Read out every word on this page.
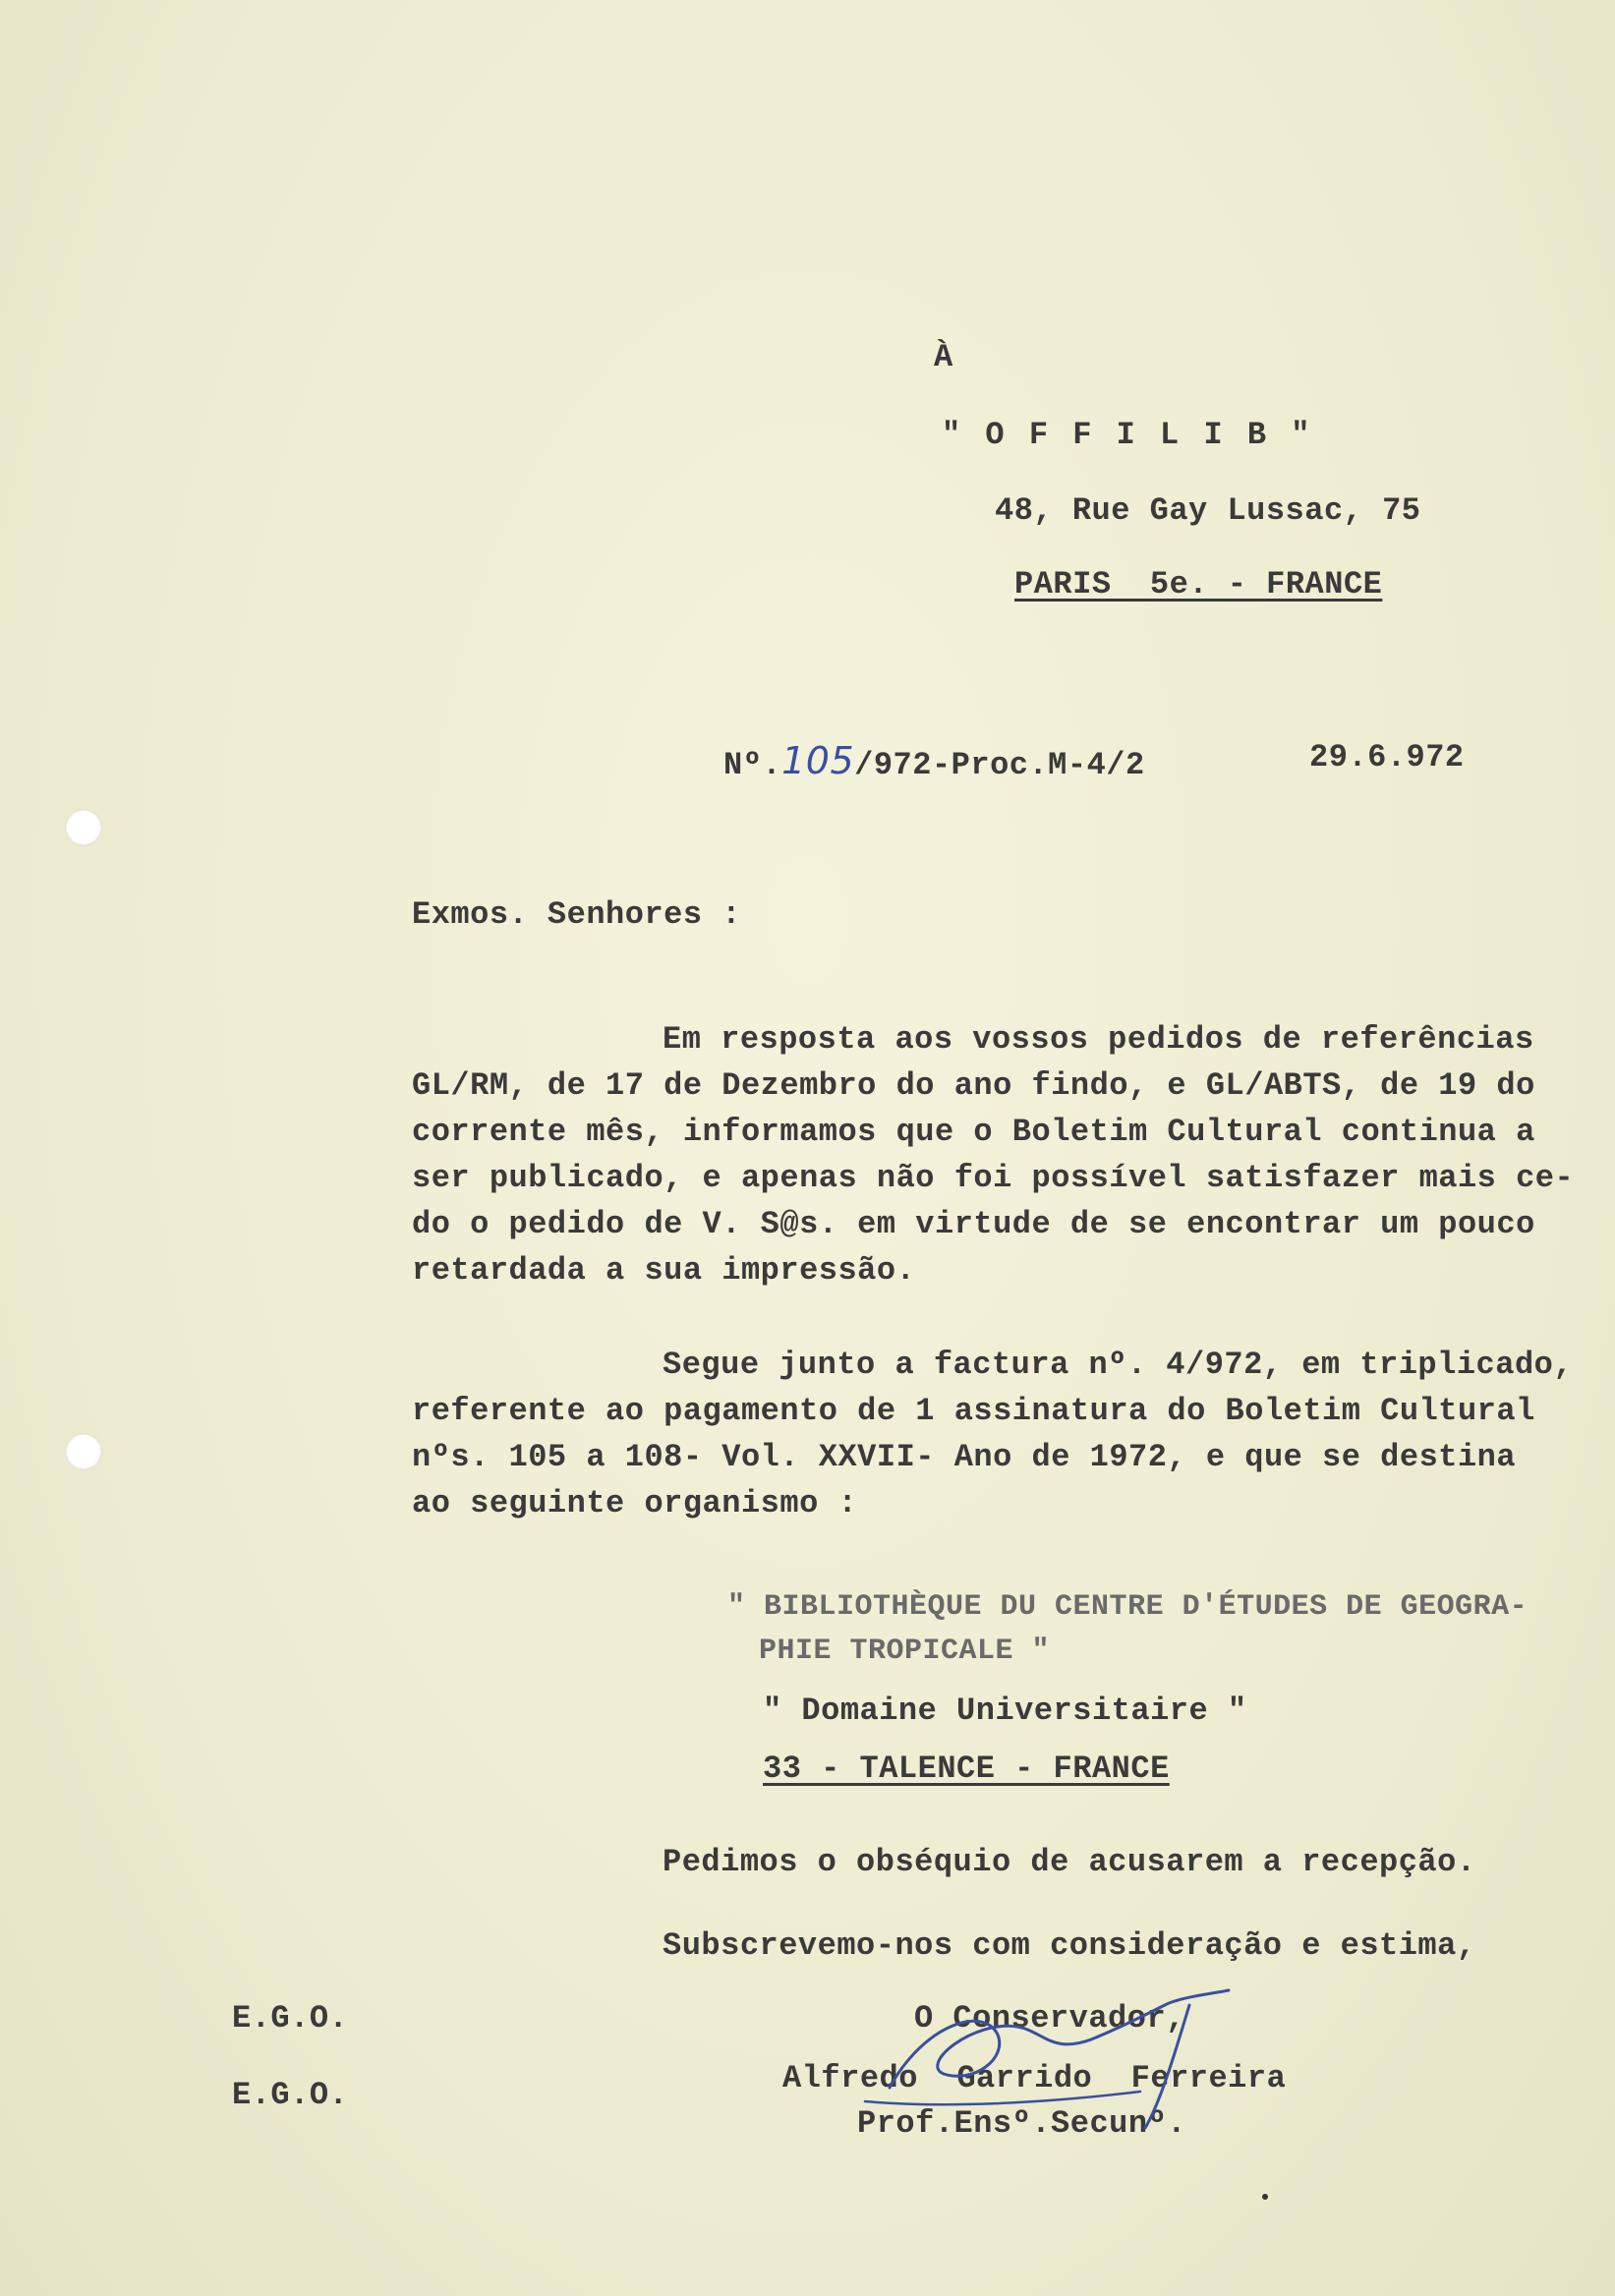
À
" O F F I L I B "
48, Rue Gay Lussac, 75
PARIS  5e. - FRANCE
Nº.105/972-Proc.M-4/2	29.6.972
Exmos. Senhores :
Em resposta aos vossos pedidos de referências
GL/RM, de 17 de Dezembro do ano findo, e GL/ABTS, de 19 do
corrente mês, informamos que o Boletim Cultural continua a
ser publicado, e apenas não foi possível satisfazer mais ce-
do o pedido de V. S@s. em virtude de se encontrar um pouco
retardada a sua impressão.
Segue junto a factura nº. 4/972, em triplicado,
referente ao pagamento de 1 assinatura do Boletim Cultural
nºs. 105 a 108- Vol. XXVII- Ano de 1972, e que se destina
ao seguinte organismo :
" BIBLIOTHÈQUE DU CENTRE D'ÉTUDES DE GEOGRA-
PHIE TROPICALE "
" Domaine Universitaire "
33 - TALENCE - FRANCE
Pedimos o obséquio de acusarem a recepção.
Subscrevemo-nos com consideração e estima,
E.G.O.
E.G.O.
O Conservador,
Alfredo  Garrido  Ferreira
Prof.Ensº.Secunº.
